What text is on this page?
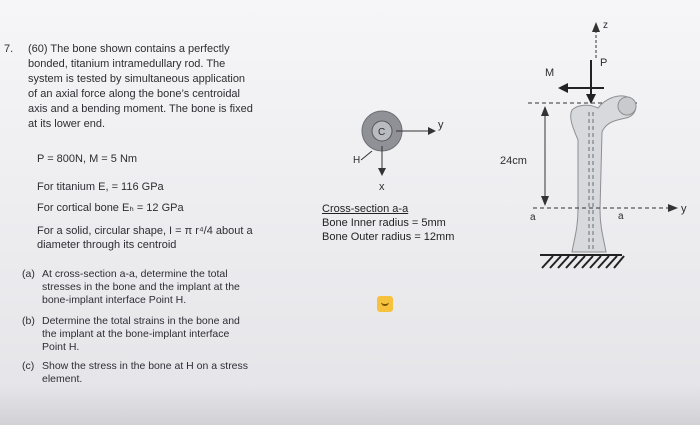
7. (60) The bone shown contains a perfectly
bonded, titanium intramedullary rod. The
system is tested by simultaneous application
of an axial force along the bone’s centroidal
axis and a bending moment. The bone is fixed
at its lower end.
P = 800N, M = 5 Nm
For titanium E, = 116 GPa
For cortical bone Eₕ = 12 GPa
For a solid, circular shape, I = π r⁴/4 about a
diameter through its centroid
Cross-section a-a
Bone Inner radius = 5mm
Bone Outer radius = 12mm
(a) At cross-section a-a, determine the total
stresses in the bone and the implant at the
bone-implant interface Point H.
(b) Determine the total strains in the bone and
the implant at the bone-implant interface
Point H.
(c) Show the stress in the bone at H on a stress
element.
C
y
x
H
z
P
M
24cm
y
a	a
